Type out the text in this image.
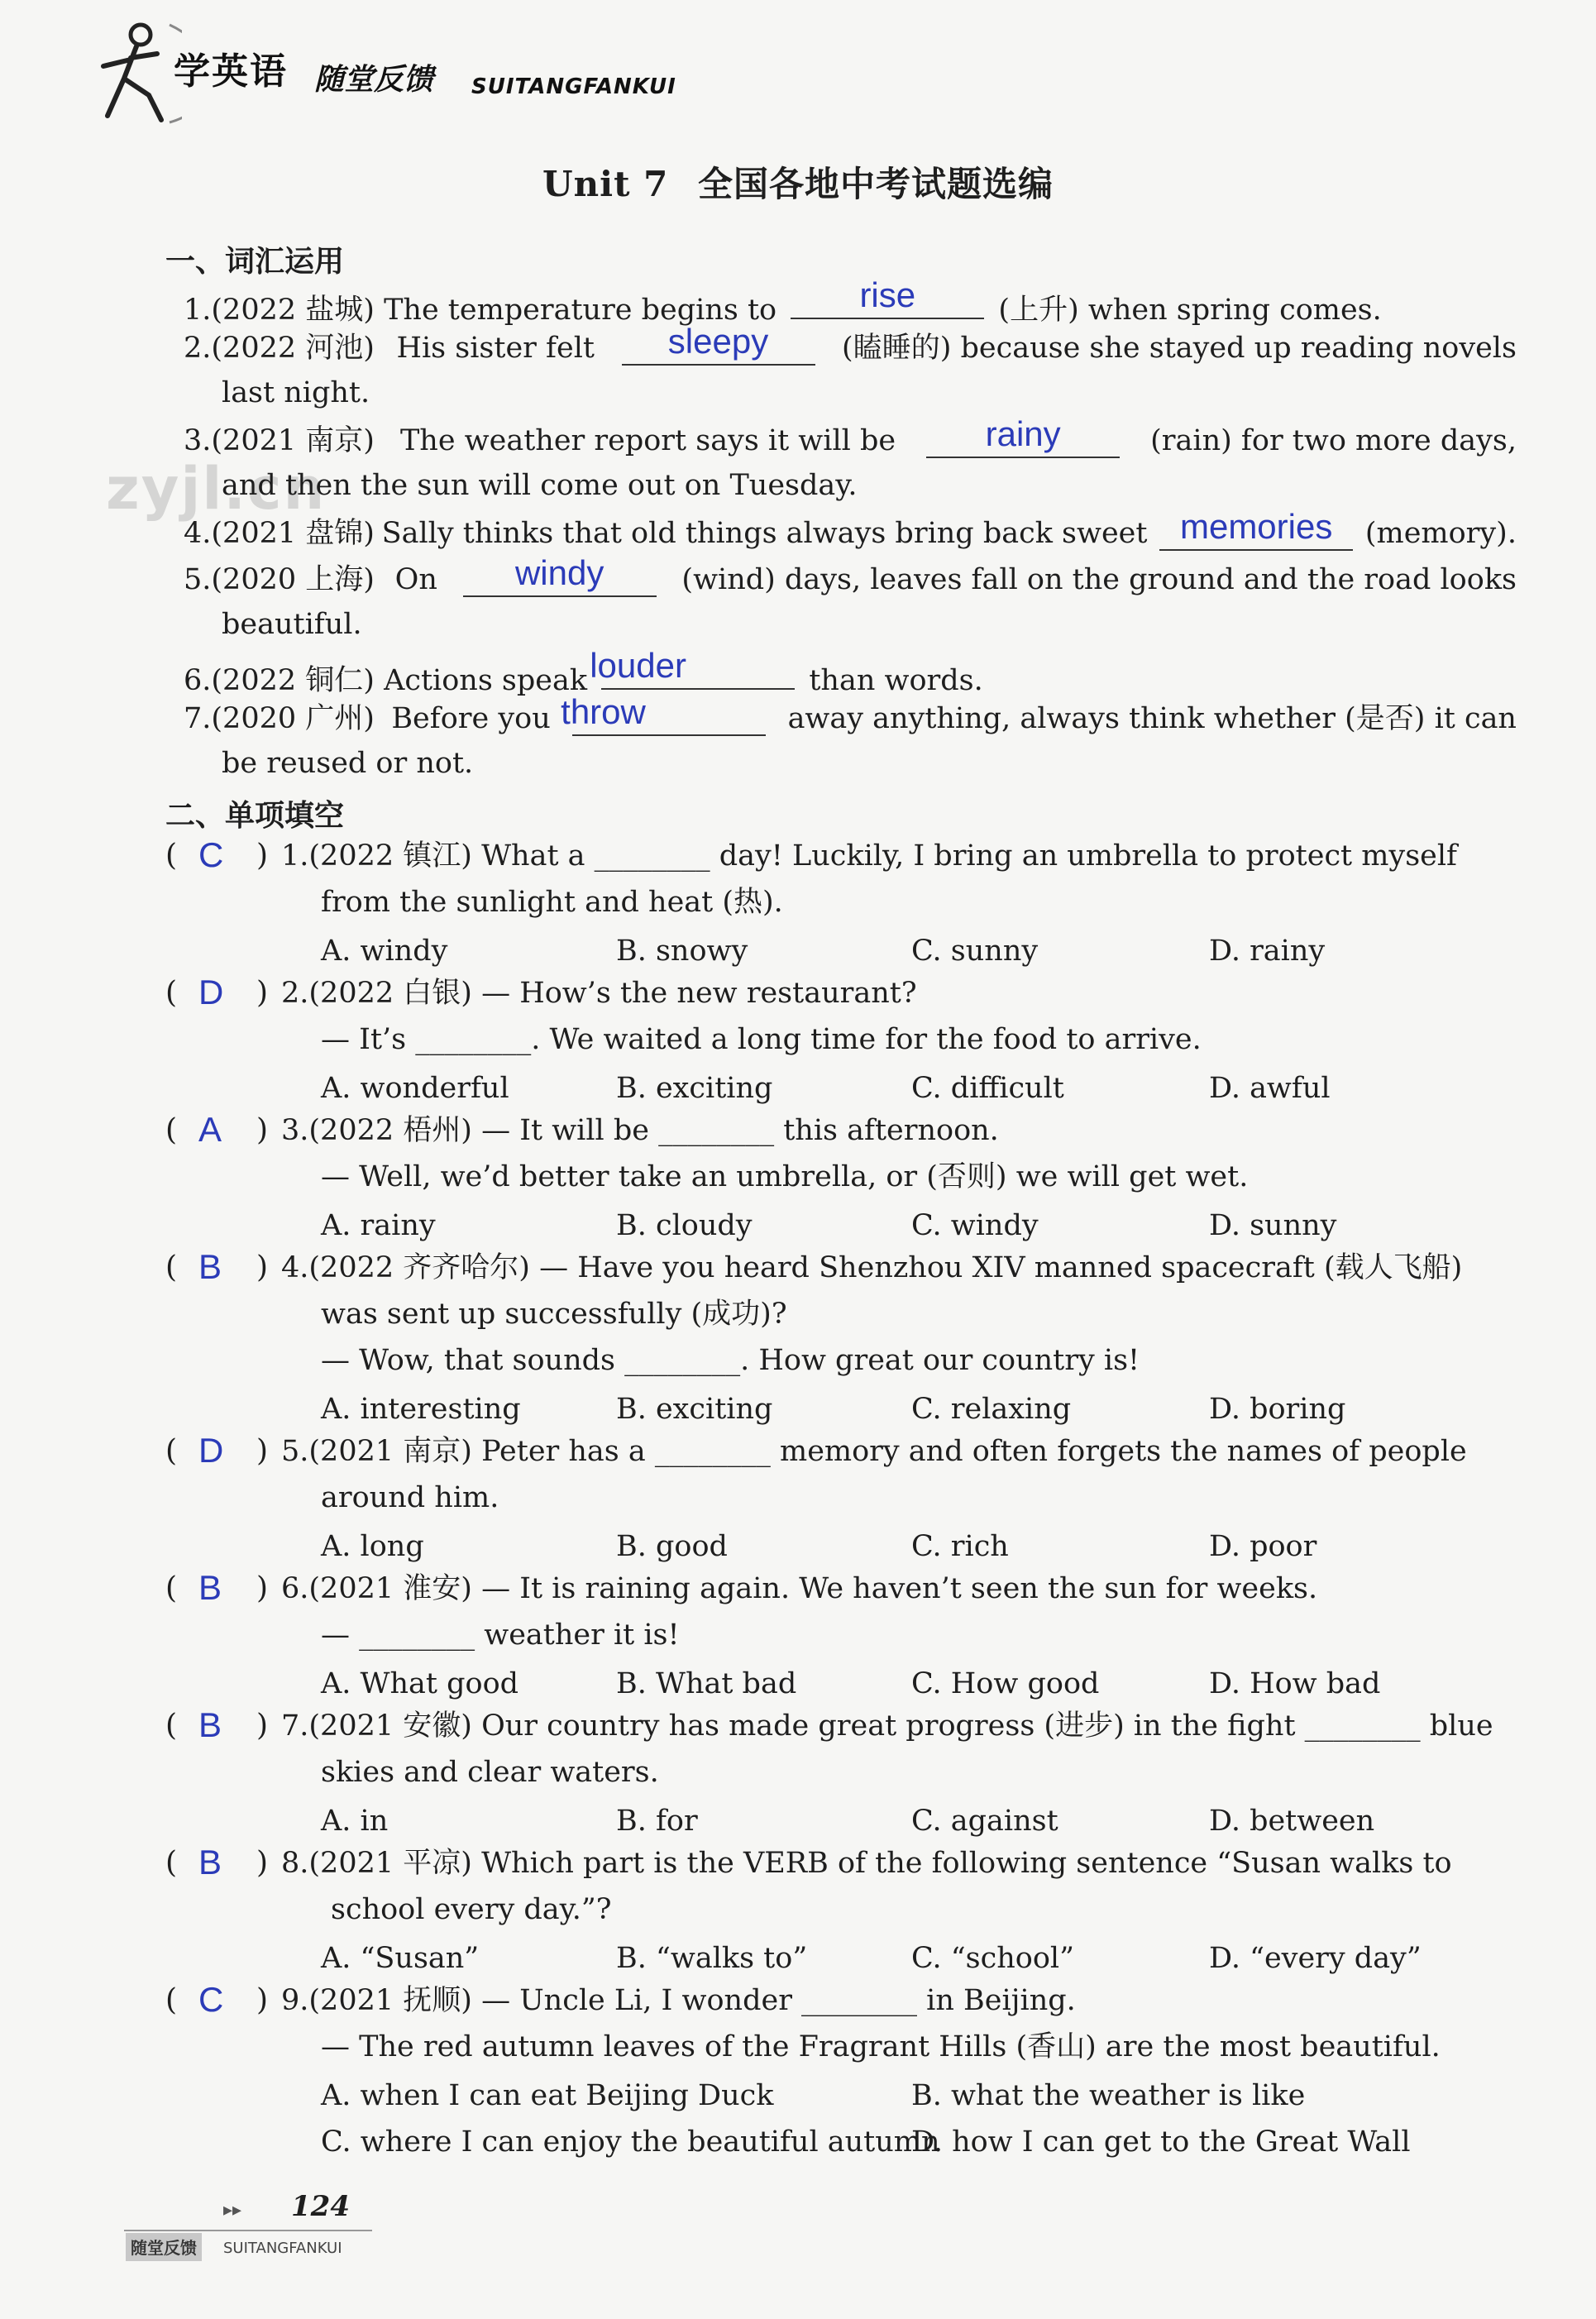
学英语 随堂反馈 SUITANGFANKUI
zyjl.cn
Unit 7 全国各地中考试题选编
一、词汇运用
1.(2022 盐城) The temperature begins to	rise	(上升) when spring comes.
2.(2022 河池) His sister felt	sleepy	(瞌睡的) because she stayed up reading novels
last night.
3.(2021 南京) The weather report says it will be	rainy	(rain) for two more days,
and then the sun will come out on Tuesday.
4.(2021 盘锦) Sally thinks that old things always bring back sweet memories	(memory).
5.(2020 上海) On	windy	(wind) days, leaves fall on the ground and the road looks
beautiful.
6.(2022 铜仁) Actions speak louder	than words.
7.(2020 广州) Before you throw	away anything, always think whether (是否) it can
be reused or not.
二、单项填空
( C ) 1.(2022 镇江) What a ________ day! Luckily, I bring an umbrella to protect myself
from the sunlight and heat (热).
A. windy	B. snowy	C. sunny	D. rainy
( D ) 2.(2022 白银) — How’s the new restaurant?
— It’s ________. We waited a long time for the food to arrive.
A. wonderful	B. exciting	C. difficult	D. awful
( A ) 3.(2022 梧州) — It will be ________ this afternoon.
— Well, we’d better take an umbrella, or (否则) we will get wet.
A. rainy	B. cloudy	C. windy	D. sunny
( B ) 4.(2022 齐齐哈尔) — Have you heard Shenzhou XIV manned spacecraft (载人飞船)
was sent up successfully (成功)?
— Wow, that sounds ________. How great our country is!
A. interesting	B. exciting	C. relaxing	D. boring
( D ) 5.(2021 南京) Peter has a ________ memory and often forgets the names of people
around him.
A. long	B. good	C. rich	D. poor
( B ) 6.(2021 淮安) — It is raining again. We haven’t seen the sun for weeks.
— ________ weather it is!
A. What good	B. What bad	C. How good	D. How bad
( B ) 7.(2021 安徽) Our country has made great progress (进步) in the fight ________ blue
skies and clear waters.
A. in	B. for	C. against	D. between
( B ) 8.(2021 平凉) Which part is the VERB of the following sentence “Susan walks to
school every day.”?
A. “Susan”	B. “walks to”	C. “school”	D. “every day”
( C ) 9.(2021 抚顺) — Uncle Li, I wonder ________ in Beijing.
— The red autumn leaves of the Fragrant Hills (香山) are the most beautiful.
A. when I can eat Beijing Duck	B. what the weather is like
C. where I can enjoy the beautiful autumn
D. how I can get to the Great Wall
▸▸ 124
随堂反馈	SUITANGFANKUI
